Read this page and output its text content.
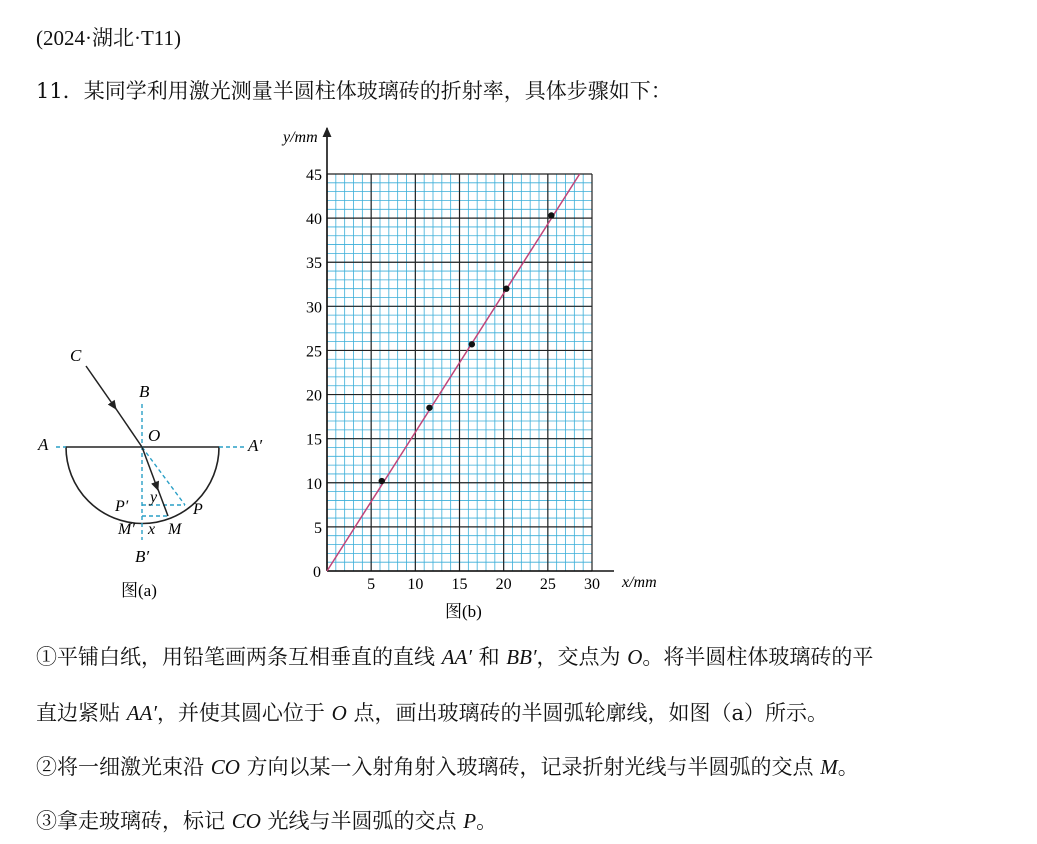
(2024·湖北·T11)
11．某同学利用激光测量半圆柱体玻璃砖的折射率，具体步骤如下：
C
B
O
A	A′
P′
y
P
M′ x M
B′
图(a)	5 10 15 20 25 30
5
10
15
20
25
30
35
40
45
y/mm
x/mm
0
图(b)
①平铺白纸，用铅笔画两条互相垂直的直线 AA′ 和 BB′，交点为 O。将半圆柱体玻璃砖的平
直边紧贴 AA′，并使其圆心位于 O 点，画出玻璃砖的半圆弧轮廓线，如图（a）所示。
②将一细激光束沿 CO 方向以某一入射角射入玻璃砖，记录折射光线与半圆弧的交点 M。
③拿走玻璃砖，标记 CO 光线与半圆弧的交点 P。
